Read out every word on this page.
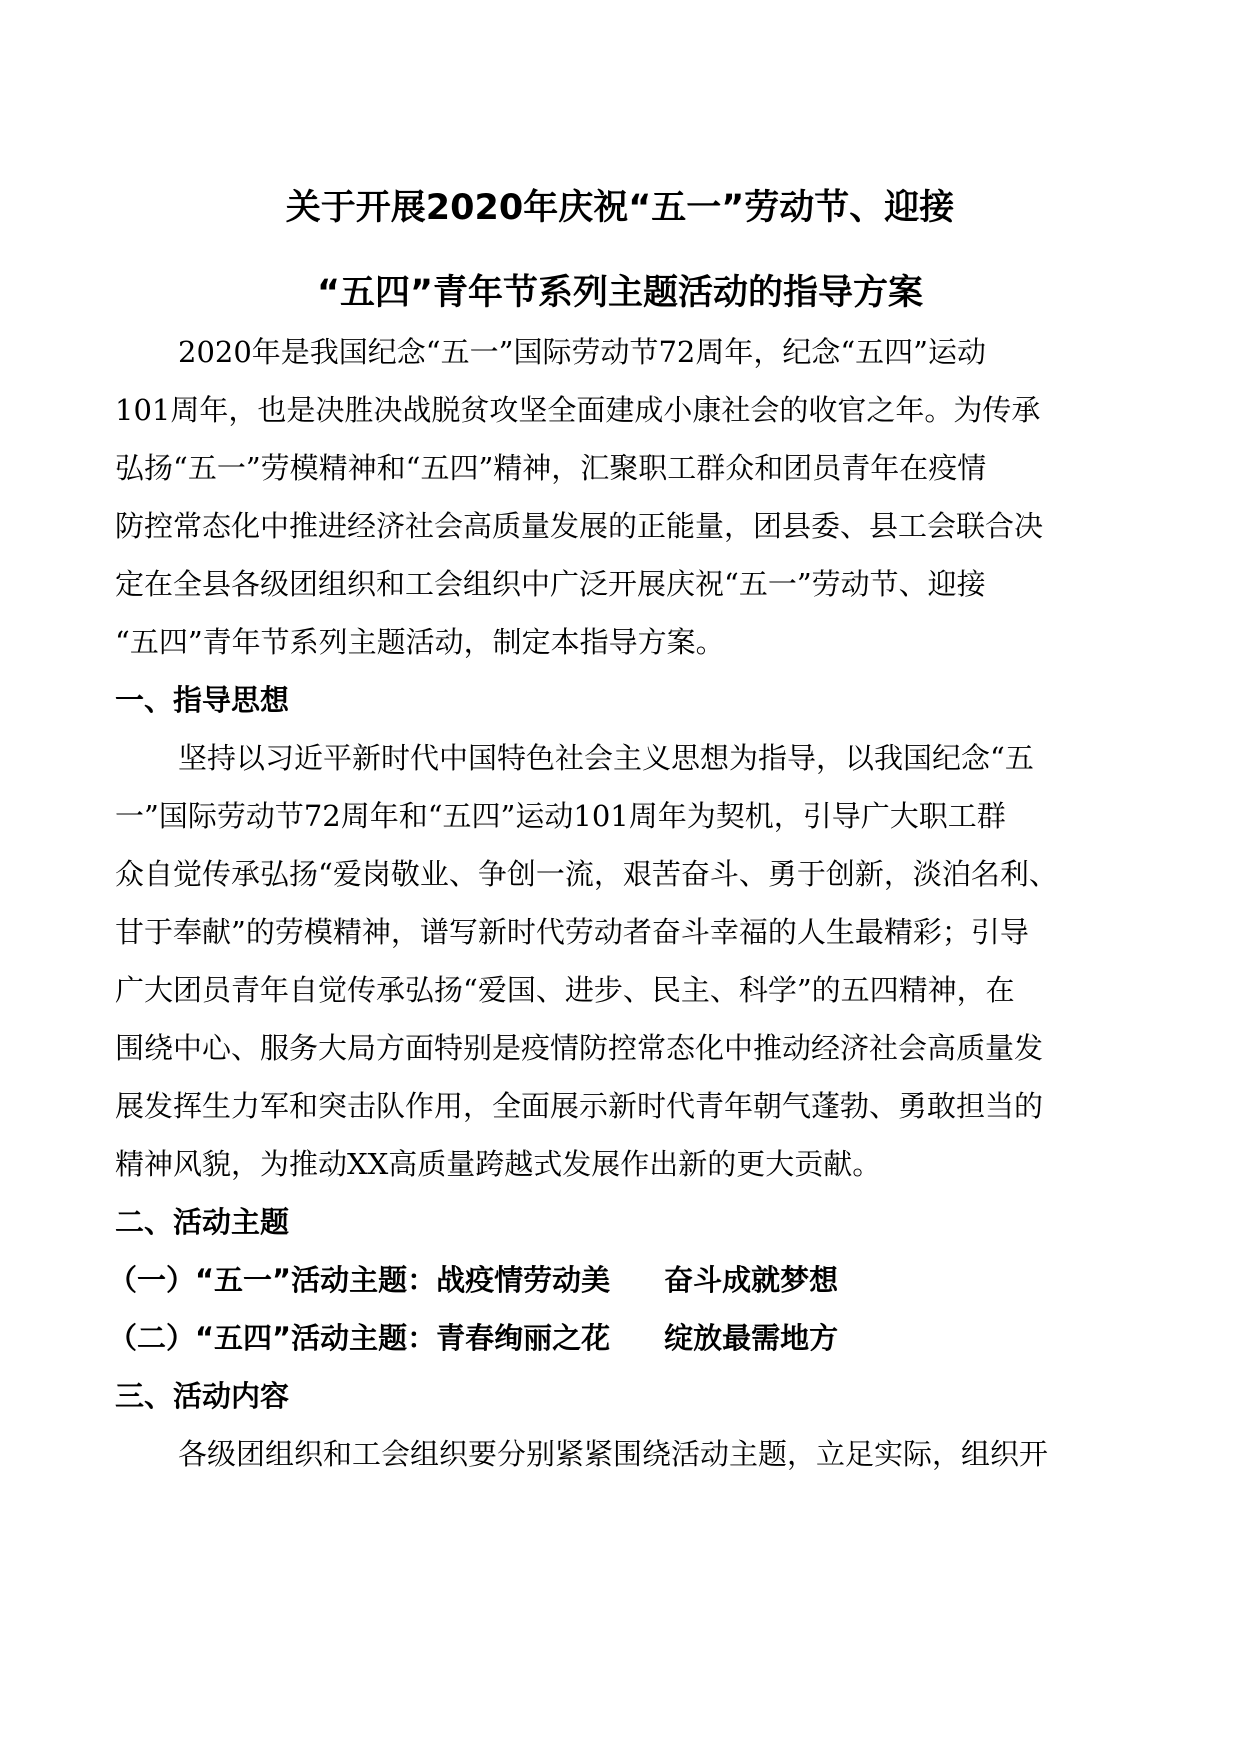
关于开展2020年庆祝“五一”劳动节、迎接
“五四”青年节系列主题活动的指导方案
2020年是我国纪念“五一”国际劳动节72周年，纪念“五四”运动
101周年，也是决胜决战脱贫攻坚全面建成小康社会的收官之年。为传承
弘扬“五一”劳模精神和“五四”精神，汇聚职工群众和团员青年在疫情
防控常态化中推进经济社会高质量发展的正能量，团县委、县工会联合决
定在全县各级团组织和工会组织中广泛开展庆祝“五一”劳动节、迎接
“五四”青年节系列主题活动，制定本指导方案。
一、指导思想
坚持以习近平新时代中国特色社会主义思想为指导，以我国纪念“五
一”国际劳动节72周年和“五四”运动101周年为契机，引导广大职工群
众自觉传承弘扬“爱岗敬业、争创一流，艰苦奋斗、勇于创新，淡泊名利、
甘于奉献”的劳模精神，谱写新时代劳动者奋斗幸福的人生最精彩；引导
广大团员青年自觉传承弘扬“爱国、进步、民主、科学”的五四精神，在
围绕中心、服务大局方面特别是疫情防控常态化中推动经济社会高质量发
展发挥生力军和突击队作用，全面展示新时代青年朝气蓬勃、勇敢担当的
精神风貌，为推动XX高质量跨越式发展作出新的更大贡献。
二、活动主题
（一）“五一”活动主题：战疫情劳动美 奋斗成就梦想
（二）“五四”活动主题：青春绚丽之花 绽放最需地方
三、活动内容
各级团组织和工会组织要分别紧紧围绕活动主题，立足实际，组织开
